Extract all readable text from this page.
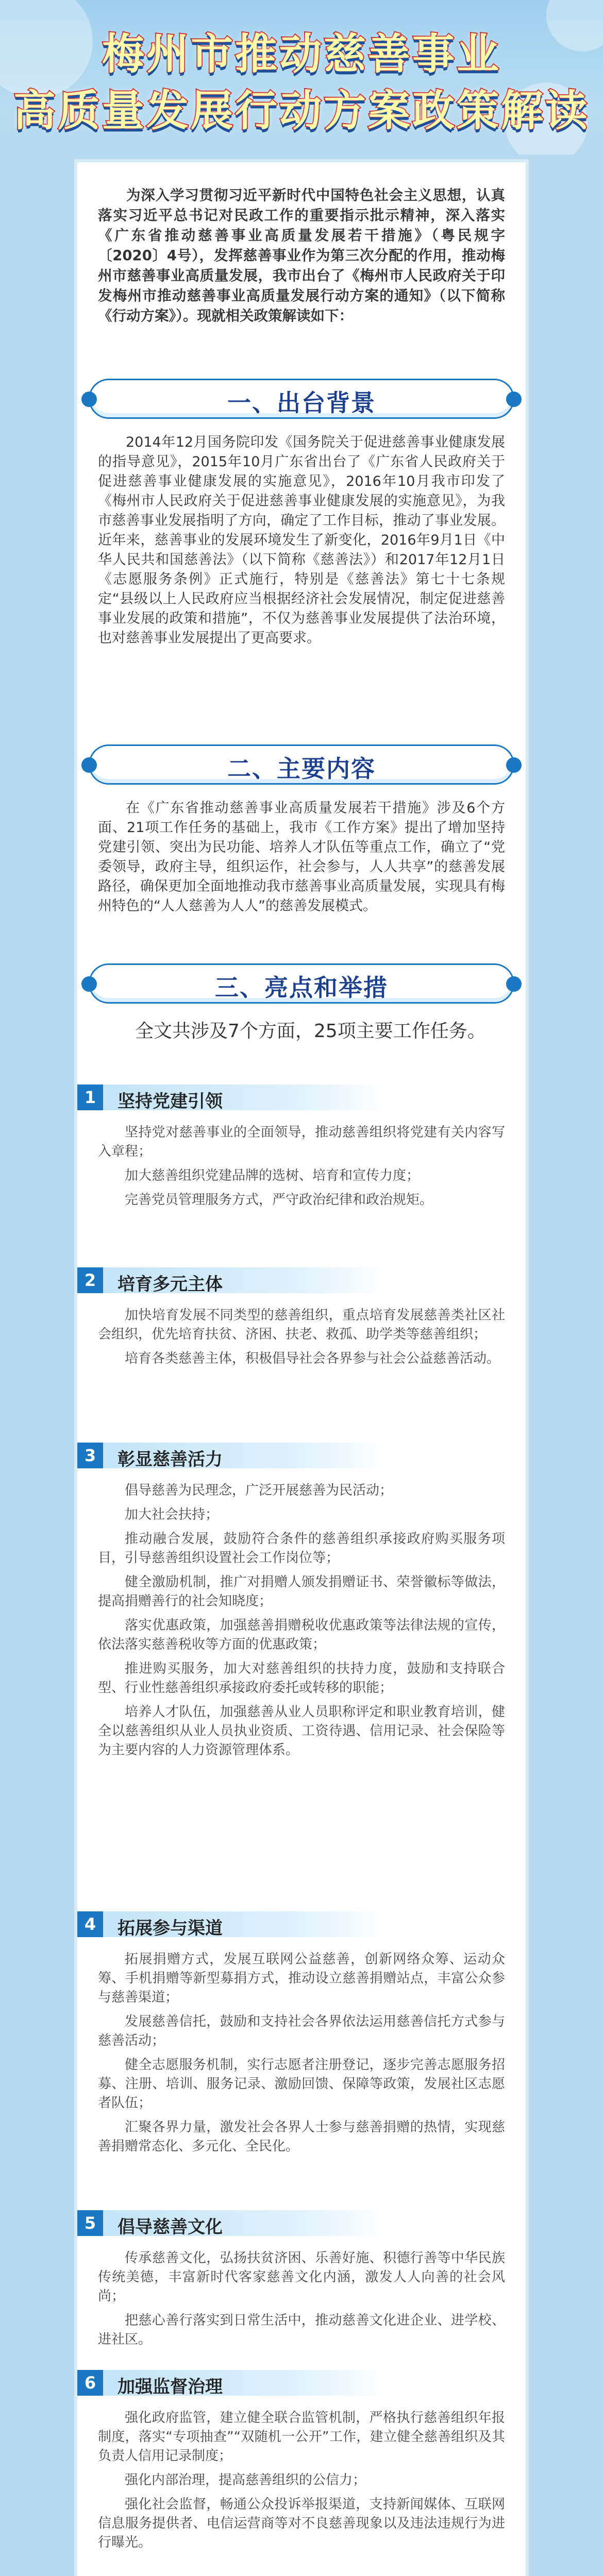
梅州市推动慈善事业
高质量发展行动方案政策解读

为深入学习贯彻习近平新时代中国特色社会主义思想，认真落实习近平总书记对民政工作的重要指示批示精神，深入落实《广东省推动慈善事业高质量发展若干措施》（粤民规字〔2020〕4号），发挥慈善事业作为第三次分配的作用，推动梅州市慈善事业高质量发展，我市出台了《梅州市人民政府关于印发梅州市推动慈善事业高质量发展行动方案的通知》（以下简称《行动方案》）。现就相关政策解读如下：

一、出台背景

2014年12月国务院印发《国务院关于促进慈善事业健康发展的指导意见》，2015年10月广东省出台了《广东省人民政府关于促进慈善事业健康发展的实施意见》，2016年10月我市印发了《梅州市人民政府关于促进慈善事业健康发展的实施意见》，为我市慈善事业发展指明了方向，确定了工作目标，推动了事业发展。近年来，慈善事业的发展环境发生了新变化，2016年9月1日《中华人民共和国慈善法》（以下简称《慈善法》）和2017年12月1日《志愿服务条例》正式施行，特别是《慈善法》第七十七条规定“县级以上人民政府应当根据经济社会发展情况，制定促进慈善事业发展的政策和措施”，不仅为慈善事业发展提供了法治环境，也对慈善事业发展提出了更高要求。

二、主要内容

在《广东省推动慈善事业高质量发展若干措施》涉及6个方面、21项工作任务的基础上，我市《工作方案》提出了增加坚持党建引领、突出为民功能、培养人才队伍等重点工作，确立了“党委领导，政府主导，组织运作，社会参与，人人共享”的慈善发展路径，确保更加全面地推动我市慈善事业高质量发展，实现具有梅州特色的“人人慈善为人人”的慈善发展模式。

三、亮点和举措

全文共涉及7个方面，25项主要工作任务。

1	坚持党建引领

坚持党对慈善事业的全面领导，推动慈善组织将党建有关内容写入章程；

加大慈善组织党建品牌的选树、培育和宣传力度；

完善党员管理服务方式，严守政治纪律和政治规矩。

2	培育多元主体

加快培育发展不同类型的慈善组织，重点培育发展慈善类社区社会组织，优先培育扶贫、济困、扶老、救孤、助学类等慈善组织；

培育各类慈善主体，积极倡导社会各界参与社会公益慈善活动。

3	彰显慈善活力

倡导慈善为民理念，广泛开展慈善为民活动；

加大社会扶持；

推动融合发展，鼓励符合条件的慈善组织承接政府购买服务项目，引导慈善组织设置社会工作岗位等；

健全激励机制，推广对捐赠人颁发捐赠证书、荣誉徽标等做法，提高捐赠善行的社会知晓度；

落实优惠政策，加强慈善捐赠税收优惠政策等法律法规的宣传，依法落实慈善税收等方面的优惠政策；

推进购买服务，加大对慈善组织的扶持力度，鼓励和支持联合型、行业性慈善组织承接政府委托或转移的职能；

培养人才队伍，加强慈善从业人员职称评定和职业教育培训，健全以慈善组织从业人员执业资质、工资待遇、信用记录、社会保险等为主要内容的人力资源管理体系。

4	拓展参与渠道

拓展捐赠方式，发展互联网公益慈善，创新网络众筹、运动众筹、手机捐赠等新型募捐方式，推动设立慈善捐赠站点，丰富公众参与慈善渠道；

发展慈善信托，鼓励和支持社会各界依法运用慈善信托方式参与慈善活动；

健全志愿服务机制，实行志愿者注册登记，逐步完善志愿服务招募、注册、培训、服务记录、激励回馈、保障等政策，发展社区志愿者队伍；

汇聚各界力量，激发社会各界人士参与慈善捐赠的热情，实现慈善捐赠常态化、多元化、全民化。

5	倡导慈善文化

传承慈善文化，弘扬扶贫济困、乐善好施、积德行善等中华民族传统美德，丰富新时代客家慈善文化内涵，激发人人向善的社会风尚；

把慈心善行落实到日常生活中，推动慈善文化进企业、进学校、进社区。

6	加强监督治理

强化政府监管，建立健全联合监管机制，严格执行慈善组织年报制度，落实“专项抽查”“双随机一公开”工作，建立健全慈善组织及其负责人信用记录制度；

强化内部治理，提高慈善组织的公信力；

强化社会监督，畅通公众投诉举报渠道，支持新闻媒体、互联网信息服务提供者、电信运营商等对不良慈善现象以及违法违规行为进行曝光。
